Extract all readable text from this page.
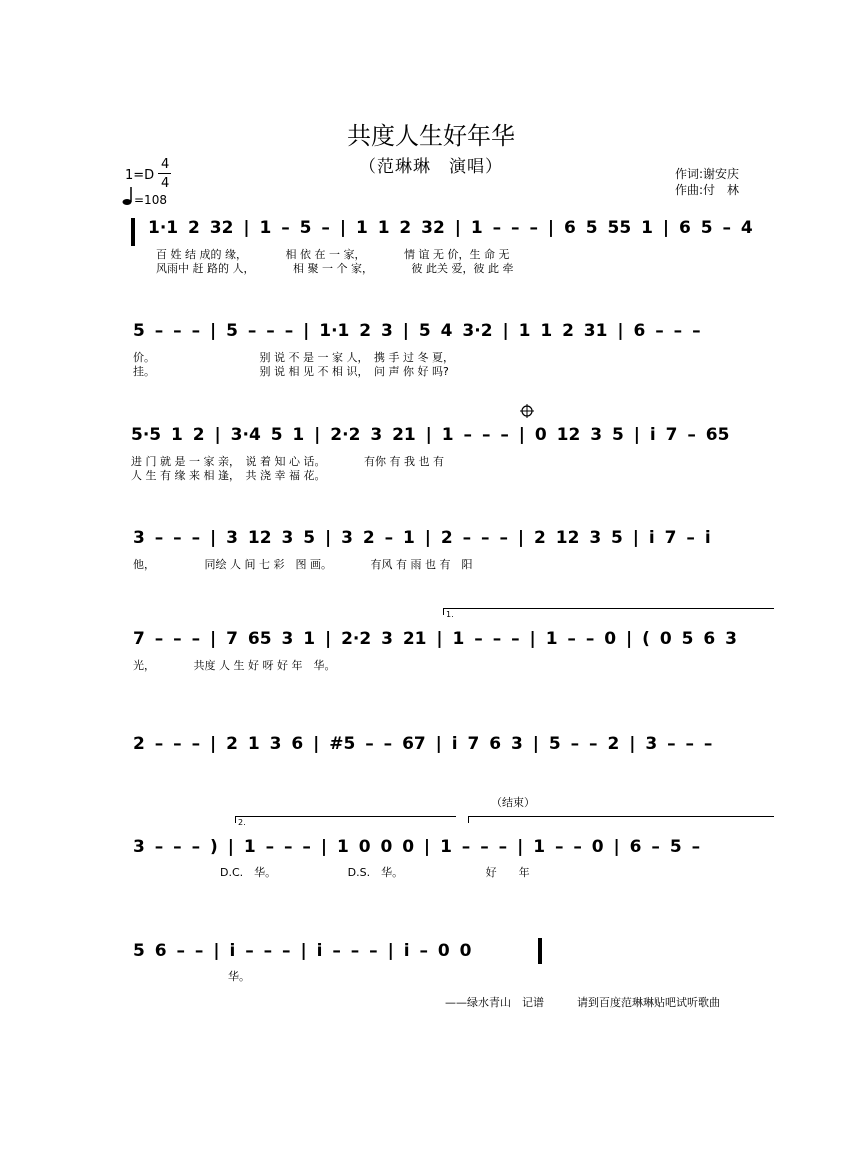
共度人生好年华
（范琳琳　演唱）
1=D
4
4
=108
作词:谢安庆
作曲:付　林
1·1 2 32 | 1 – 5 – | 1 1 2 32 | 1 – – – | 6 5 55 1 | 6 5 – 4
百 姓 结 成的 缘，　　　　相 依 在 一 家，　　　　情 谊 无 价，生 命 无
风雨中 赶 路的 人，　　　　相 聚 一 个 家，　　　　彼 此关 爱，彼 此 牵
5 – – – | 5 – – – | 1·1 2 3 | 5 4 3·2 | 1 1 2 31 | 6 – – –
价。　　　　　　　　　　别 说 不 是 一 家 人，　携 手 过 冬 夏，
挂。　　　　　　　　　　别 说 相 见 不 相 识，　问 声 你 好 吗?
5·5 1 2 | 3·4 5 1 | 2·2 3 21 | 1 – – – | 0 12 3 5 | i 7 – 65
进 门 就 是 一 家 亲，　说 着 知 心 话。　　　　有你 有 我 也 有
人 生 有 缘 来 相 逢，　共 浇 幸 福 花。
3 – – – | 3 12 3 5 | 3 2 – 1 | 2 – – – | 2 12 3 5 | i 7 – i
他，　　　　　同绘 人 间 七 彩　图 画。　　　　有风 有 雨 也 有　阳
1.
7 – – – | 7 65 3 1 | 2·2 3 21 | 1 – – – | 1 – – 0 | ( 0 5 6 3
光，　　　　共度 人 生 好 呀 好 年　华。
2 – – – | 2 1 3 6 | #5 – – 67 | i 7 6 3 | 5 – – 2 | 3 – – –
（结束）
2.
3 – – – ) | 1 – – – | 1 0 0 0 | 1 – – – | 1 – – 0 | 6 – 5 –
D.C.　华。　　　　　　　D.S.　华。　　　　　　　　好　　年
5 6 – – | i – – – | i – – – | i – 0 0
华。
——绿水青山　记谱	请到百度范琳琳贴吧试听歌曲
